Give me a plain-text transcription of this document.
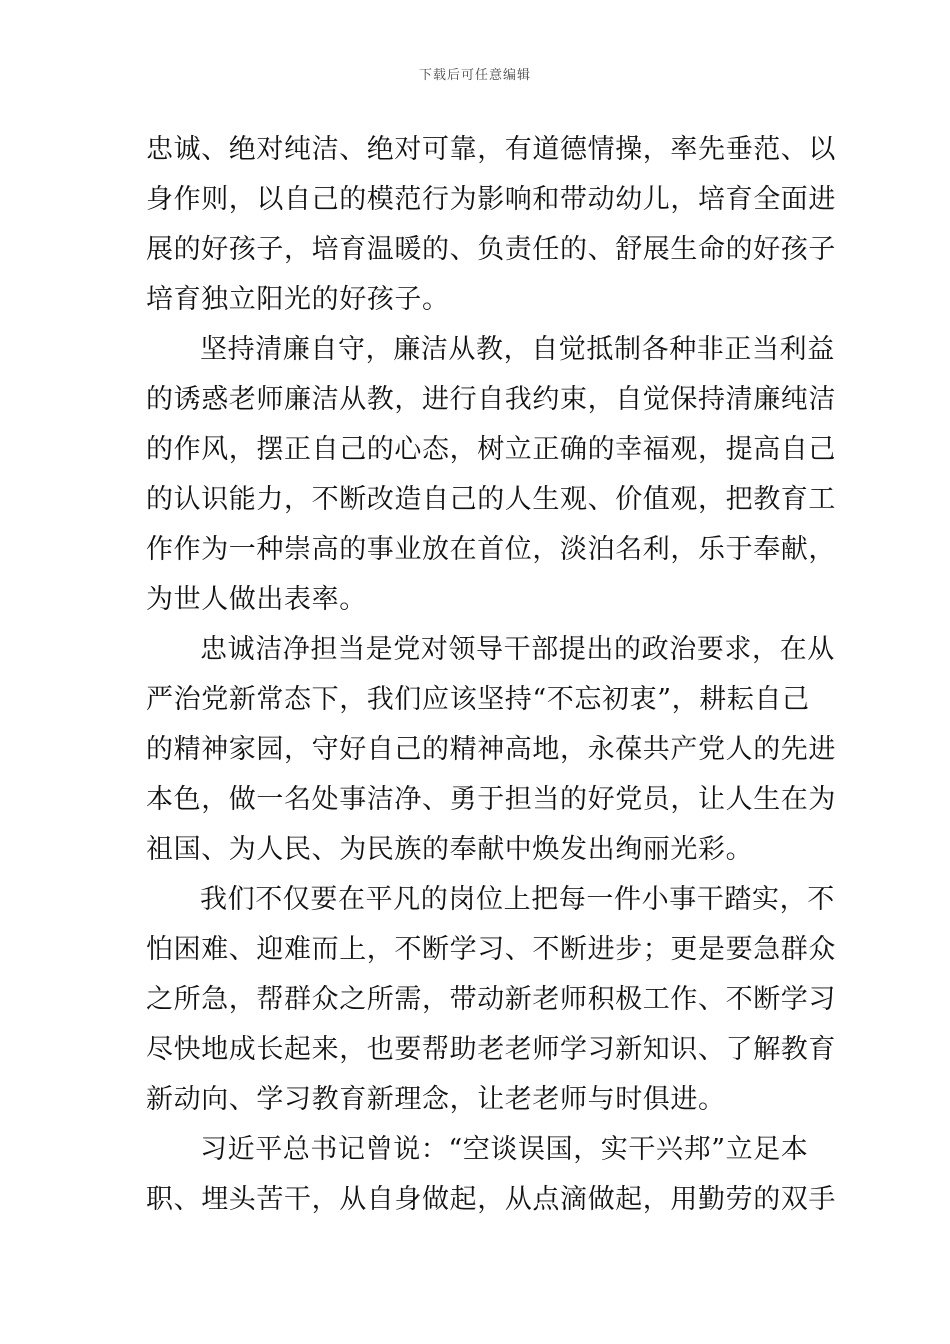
下载后可任意编辑
忠诚、绝对纯洁、绝对可靠，有道德情操，率先垂范、以
身作则，以自己的模范行为影响和带动幼儿，培育全面进
展的好孩子，培育温暖的、负责任的、舒展生命的好孩子
培育独立阳光的好孩子。
坚持清廉自守，廉洁从教，自觉抵制各种非正当利益
的诱惑老师廉洁从教，进行自我约束，自觉保持清廉纯洁
的作风，摆正自己的心态，树立正确的幸福观，提高自己
的认识能力，不断改造自己的人生观、价值观，把教育工
作作为一种崇高的事业放在首位，淡泊名利，乐于奉献，
为世人做出表率。
忠诚洁净担当是党对领导干部提出的政治要求，在从
严治党新常态下，我们应该坚持“不忘初衷”，耕耘自己
的精神家园，守好自己的精神高地，永葆共产党人的先进
本色，做一名处事洁净、勇于担当的好党员，让人生在为
祖国、为人民、为民族的奉献中焕发出绚丽光彩。
我们不仅要在平凡的岗位上把每一件小事干踏实，不
怕困难、迎难而上，不断学习、不断进步；更是要急群众
之所急，帮群众之所需，带动新老师积极工作、不断学习
尽快地成长起来，也要帮助老老师学习新知识、了解教育
新动向、学习教育新理念，让老老师与时俱进。
习近平总书记曾说：“空谈误国，实干兴邦”立足本
职、埋头苦干，从自身做起，从点滴做起，用勤劳的双手
